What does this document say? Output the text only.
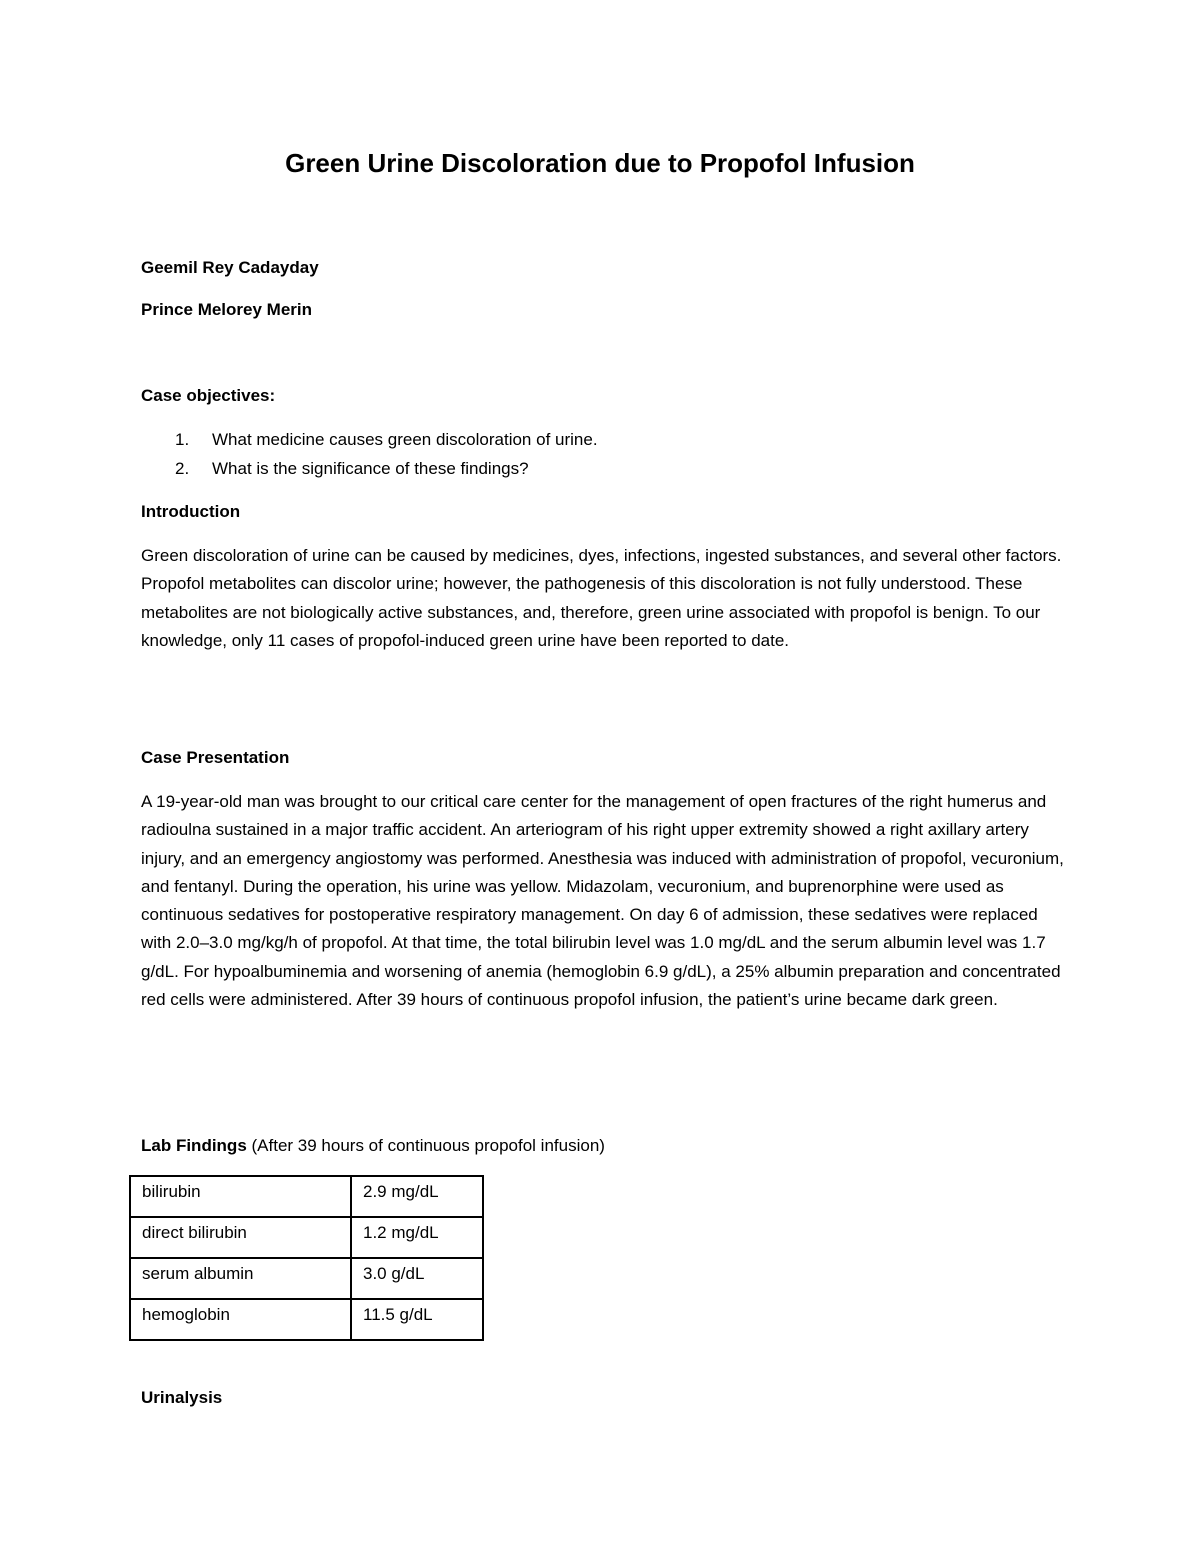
Green Urine Discoloration due to Propofol Infusion

Geemil Rey Cadayday

Prince Melorey Merin

Case objectives:

1. What medicine causes green discoloration of urine.
2. What is the significance of these findings?

Introduction

Green discoloration of urine can be caused by medicines, dyes, infections, ingested substances, and several other factors. Propofol metabolites can discolor urine; however, the pathogenesis of this discoloration is not fully understood. These metabolites are not biologically active substances, and, therefore, green urine associated with propofol is benign. To our knowledge, only 11 cases of propofol-induced green urine have been reported to date.

Case Presentation

A 19-year-old man was brought to our critical care center for the management of open fractures of the right humerus and radioulna sustained in a major traffic accident. An arteriogram of his right upper extremity showed a right axillary artery injury, and an emergency angiostomy was performed. Anesthesia was induced with administration of propofol, vecuronium, and fentanyl. During the operation, his urine was yellow. Midazolam, vecuronium, and buprenorphine were used as continuous sedatives for postoperative respiratory management. On day 6 of admission, these sedatives were replaced with 2.0–3.0 mg/kg/h of propofol. At that time, the total bilirubin level was 1.0 mg/dL and the serum albumin level was 1.7 g/dL. For hypoalbuminemia and worsening of anemia (hemoglobin 6.9 g/dL), a 25% albumin preparation and concentrated red cells were administered. After 39 hours of continuous propofol infusion, the patient’s urine became dark green.

Lab Findings (After 39 hours of continuous propofol infusion)

bilirubin	2.9 mg/dL
direct bilirubin	1.2 mg/dL
serum albumin	3.0 g/dL
hemoglobin	11.5 g/dL

Urinalysis
